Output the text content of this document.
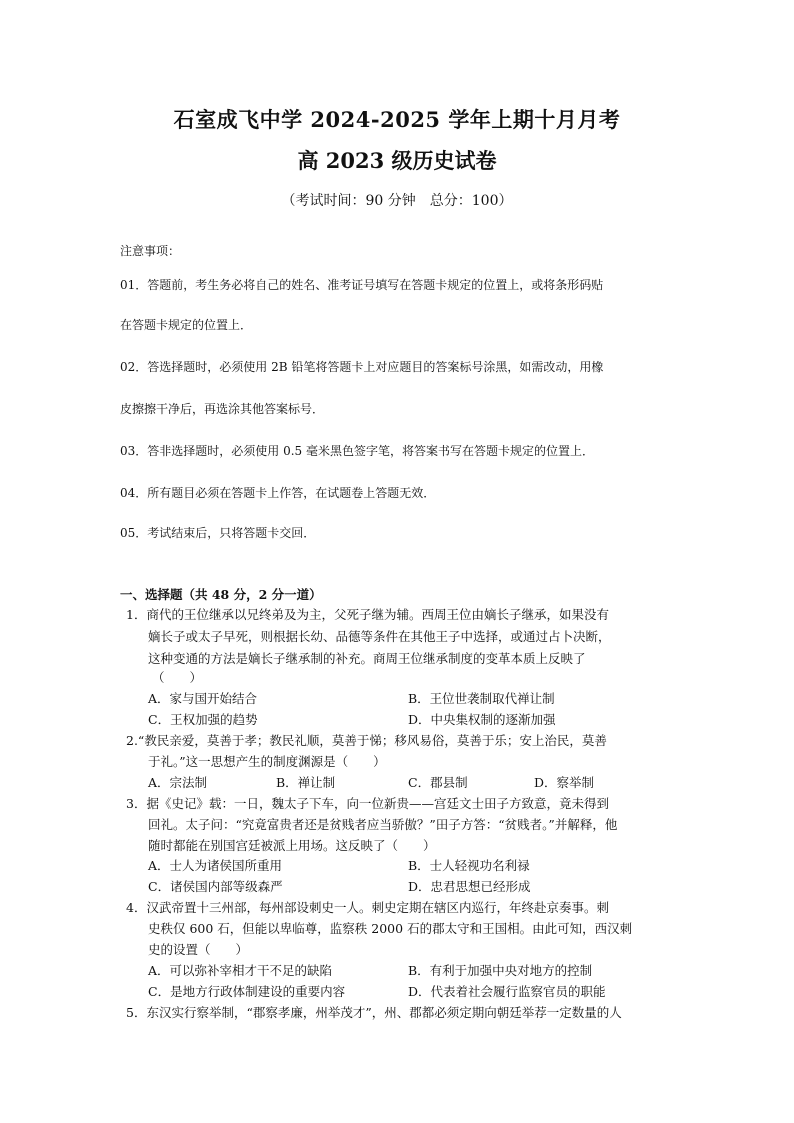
石室成飞中学 2024-2025 学年上期十月月考
高 2023 级历史试卷
（考试时间：90 分钟　总分：100）
注意事项：
01．答题前，考生务必将自己的姓名、准考证号填写在答题卡规定的位置上，或将条形码贴
在答题卡规定的位置上．
02．答选择题时，必须使用 2B 铅笔将答题卡上对应题目的答案标号涂黑，如需改动，用橡
皮擦擦干净后，再选涂其他答案标号．
03．答非选择题时，必须使用 0.5 毫米黑色签字笔，将答案书写在答题卡规定的位置上．
04．所有题目必须在答题卡上作答，在试题卷上答题无效．
05．考试结束后，只将答题卡交回．
一、选择题（共 48 分，2 分一道）
1．商代的王位继承以兄终弟及为主，父死子继为辅。西周王位由嫡长子继承，如果没有
嫡长子或太子早死，则根据长幼、品德等条件在其他王子中选择，或通过占卜决断，
这种变通的方法是嫡长子继承制的补充。商周王位继承制度的变革本质上反映了
（　　）
A．家与国开始结合	B．王位世袭制取代禅让制
C．王权加强的趋势	D．中央集权制的逐渐加强
2.“教民亲爱，莫善于孝；教民礼顺，莫善于悌；移风易俗，莫善于乐；安上治民，莫善
于礼。”这一思想产生的制度渊源是（　　）
A．宗法制	B．禅让制	C．郡县制	D．察举制
3．据《史记》载：一日，魏太子下车，向一位新贵——宫廷文士田子方致意，竟未得到
回礼。太子问：“究竟富贵者还是贫贱者应当骄傲？”田子方答：“贫贱者。”并解释，他
随时都能在别国宫廷被派上用场。这反映了（　　）
A．士人为诸侯国所重用	B．士人轻视功名利禄
C．诸侯国内部等级森严	D．忠君思想已经形成
4．汉武帝置十三州部，每州部设刺史一人。刺史定期在辖区内巡行，年终赴京奏事。刺
史秩仅 600 石，但能以卑临尊，监察秩 2000 石的郡太守和王国相。由此可知，西汉刺
史的设置（　　）
A．可以弥补宰相才干不足的缺陷	B．有利于加强中央对地方的控制
C．是地方行政体制建设的重要内容	D．代表着社会履行监察官员的职能
5．东汉实行察举制，“郡察孝廉，州举茂才”，州、郡都必须定期向朝廷举荐一定数量的人
